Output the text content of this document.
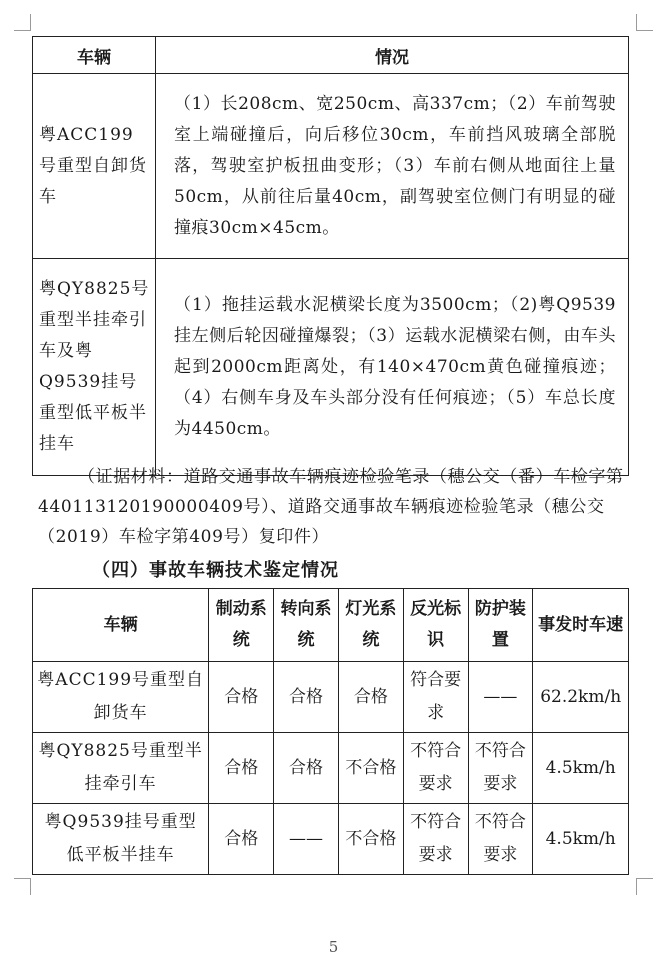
车辆	情况
粤ACC199号重型自卸货车	（1）长208cm、宽250cm、高337cm；（2）车前驾驶室上端碰撞后，向后移位30cm，车前挡风玻璃全部脱落，驾驶室护板扭曲变形；（3）车前右侧从地面往上量50cm，从前往后量40cm，副驾驶室位侧门有明显的碰撞痕30cm×45cm。
粤QY8825号重型半挂牵引车及粤Q9539挂号重型低平板半挂车	（1）拖挂运载水泥横梁长度为3500cm；（2)粤Q9539挂左侧后轮因碰撞爆裂；（3）运载水泥横梁右侧，由车头起到2000cm距离处，有140×470cm黄色碰撞痕迹；（4）右侧车身及车头部分没有任何痕迹；（5）车总长度为4450cm。

（证据材料：道路交通事故车辆痕迹检验笔录（穗公交（番）车检字第440113120190000409号）、道路交通事故车辆痕迹检验笔录（穗公交（2019）车检字第409号）复印件）

（四）事故车辆技术鉴定情况

车辆	制动系统	转向系统	灯光系统	反光标识	防护装置	事发时车速
粤ACC199号重型自卸货车	合格	合格	合格	符合要求	——	62.2km/h
粤QY8825号重型半挂牵引车	合格	合格	不合格	不符合要求	不符合要求	4.5km/h
粤Q9539挂号重型低平板半挂车	合格	——	不合格	不符合要求	不符合要求	4.5km/h

5
